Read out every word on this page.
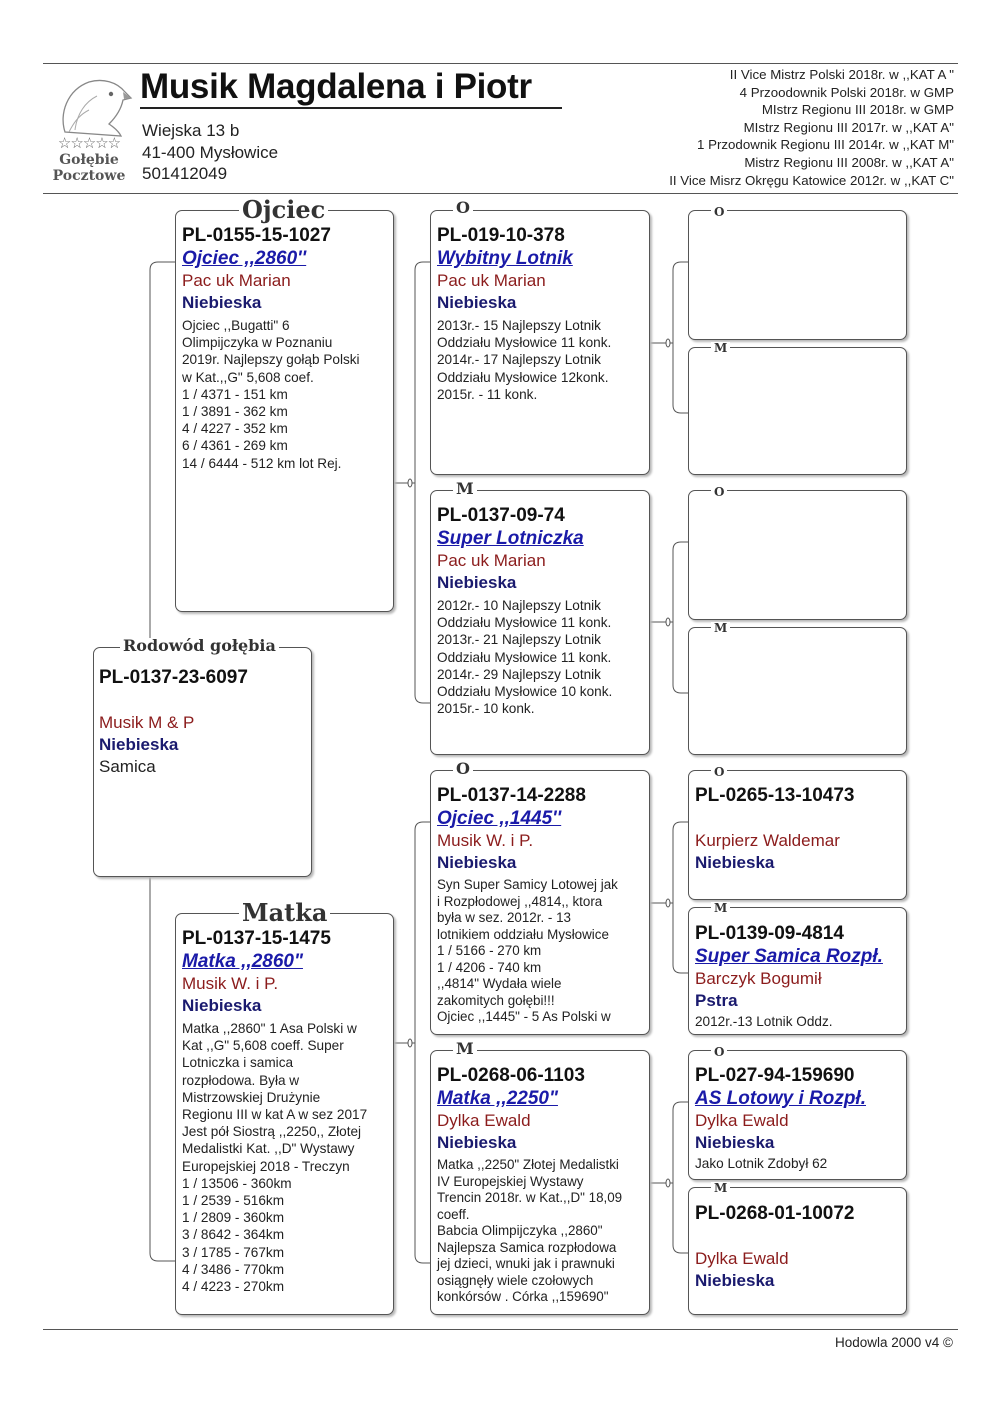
☆☆☆☆☆
Gołębie
Pocztowe
Musik Magdalena i Piotr
Wiejska 13 b
41-400 Mysłowice
501412049
II Vice Mistrz Polski 2018r. w ,,KAT A "
4 Przoodownik Polski 2018r. w GMP
MIstrz Regionu III 2018r. w GMP
MIstrz Regionu III 2017r. w ,,KAT A"
1 Przodownik Regionu III 2014r. w ,,KAT M"
Mistrz Regionu III 2008r. w ,,KAT A"
II Vice Misrz Okręgu Katowice 2012r. w ,,KAT C"
PL-0137-23-6097
Musik M & P
Niebieska
Samica
Rodowód gołębia
PL-0155-15-1027
Ojciec ,,2860''
Pac uk Marian
Niebieska
Ojciec ,,Bugatti" 6
Olimpijczyka w Poznaniu
2019r. Najlepszy gołąb Polski
w Kat.,,G" 5,608 coef.
1 / 4371 - 151 km
1 / 3891 - 362 km
4 / 4227 - 352 km
6 / 4361 - 269 km
14 / 6444 - 512 km lot Rej.
Ojciec
PL-0137-15-1475
Matka ,,2860"
Musik W. i P.
Niebieska
Matka ,,2860" 1 Asa Polski w
Kat ,,G" 5,608 coeff. Super
Lotniczka i samica
rozpłodowa. Była w
Mistrzowskiej Drużynie
Regionu III w kat A w sez 2017
Jest pół Siostrą ,,2250,, Złotej
Medalistki Kat. ,,D" Wystawy
Europejskiej 2018 - Treczyn
1 / 13506 - 360km
1 / 2539 - 516km
1 / 2809 - 360km
3 / 8642 - 364km
3 / 1785 - 767km
4 / 3486 - 770km
4 / 4223 - 270km
Matka
PL-019-10-378
Wybitny Lotnik
Pac uk Marian
Niebieska
2013r.- 15 Najlepszy Lotnik
Oddziału Mysłowice 11 konk.
2014r.- 17 Najlepszy Lotnik
Oddziału Mysłowice 12konk.
2015r. - 11 konk.
O
PL-0137-09-74
Super Lotniczka
Pac uk Marian
Niebieska
2012r.- 10 Najlepszy Lotnik
Oddziału Mysłowice 11 konk.
2013r.- 21 Najlepszy Lotnik
Oddziału Mysłowice 11 konk.
2014r.- 29 Najlepszy Lotnik
Oddziału Mysłowice 10 konk.
2015r.- 10 konk.
M
PL-0137-14-2288
Ojciec ,,1445''
Musik W. i P.
Niebieska
Syn Super Samicy Lotowej jak
i Rozpłodowej ,,4814,, ktora
była w sez. 2012r. - 13
lotnikiem oddziału Mysłowice
1 / 5166 - 270 km
1 / 4206 - 740 km
,,4814" Wydała wiele
zakomitych gołębi!!!
Ojciec ,,1445" - 5 As Polski w
O
PL-0268-06-1103
Matka ,,2250"
Dylka Ewald
Niebieska
Matka ,,2250" Złotej Medalistki
IV Europejskiej Wystawy
Trencin 2018r. w Kat.,,D" 18,09
coeff.
Babcia Olimpijczyka ,,2860"
Najlepsza Samica rozpłodowa
jej dzieci, wnuki jak i prawnuki
osiągnęły wiele czołowych
konkórsów . Córka ,,159690"
M
O
M
O
M
PL-0265-13-10473
Kurpierz Waldemar
Niebieska
O
PL-0139-09-4814
Super Samica Rozpł.
Barczyk Bogumił
Pstra
2012r.-13 Lotnik Oddz.
M
PL-027-94-159690
AS Lotowy i Rozpł.
Dylka Ewald
Niebieska
Jako Lotnik Zdobył 62
O
PL-0268-01-10072
Dylka Ewald
Niebieska
M
Hodowla 2000 v4 ©
